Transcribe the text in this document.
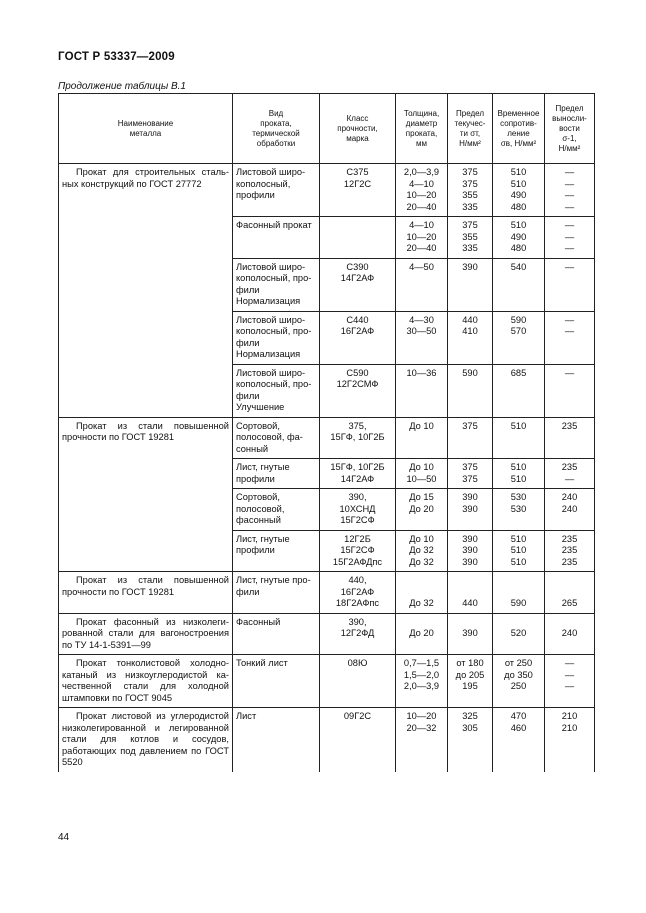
ГОСТ Р 53337—2009
Продолжение таблицы В.1
Наименование
металла	Вид
проката,
термической
обработки	Класс
прочности,
марка	Толщина,
диаметр
проката,
мм	Предел
текучес-
ти σт,
Н/мм²	Временное
сопротив-
ление
σв, Н/мм²	Предел
выносли-
вости
σ-1,
Н/мм²

Прокат для строительных стальных конструкций по ГОСТ 27772	Листовой широ-
кополосный,
профили	С375
12Г2С	2,0—3,9
4—10
10—20
20—40	375
375
355
335	510
510
490
480	—
—
—
—

	Фасонный прокат		4—10
10—20
20—40	375
355
335	510
490
480	—
—
—

	Листовой широ-
кополосный, про-
фили
Нормализация	С390
14Г2АФ	4—50	390	540	—

	Листовой широ-
кополосный, про-
фили
Нормализация	С440
16Г2АФ	4—30
30—50	440
410	590
570	—
—

	Листовой широ-
кополосный, про-
фили
Улучшение	С590
12Г2СМФ	10—36	590	685	—

Прокат из стали повышенной прочности по ГОСТ 19281	Сортовой,
полосовой, фа-
сонный	375,
15ГФ, 10Г2Б	До 10	375	510	235

	Лист, гнутые
профили	15ГФ, 10Г2Б
14Г2АФ	До 10
10—50	375
375	510
510	235
—

	Сортовой,
полосовой,
фасонный	390,
10ХСНД
15Г2СФ	До 15
До 20	390
390	530
530	240
240

	Лист, гнутые
профили	12Г2Б
15Г2СФ
15Г2АФДпс	До 10
До 32
До 32	390
390
390	510
510
510	235
235
235

Прокат из стали повышенной прочности по ГОСТ 19281	Лист, гнутые про-
фили	440,
16Г2АФ
18Г2АФпс	До 32	440	590	265

Прокат фасонный из низколегированной стали для вагоностроения по ТУ 14-1-5391—99	Фасонный	390,
12Г2ФД	До 20	390	520	240

Прокат тонколистовой холоднокатаный из низкоуглеродистой качественной стали для холодной штамповки по ГОСТ 9045	Тонкий лист	08Ю	0,7—1,5
1,5—2,0
2,0—3,9	от 180
до 205
195	от 250
до 350
250	—
—
—

Прокат листовой из углеродистой низколегированной и легированной стали для котлов и сосудов, работающих под давлением по ГОСТ 5520	Лист	09Г2С	10—20
20—32	325
305	470
460	210
210
44
